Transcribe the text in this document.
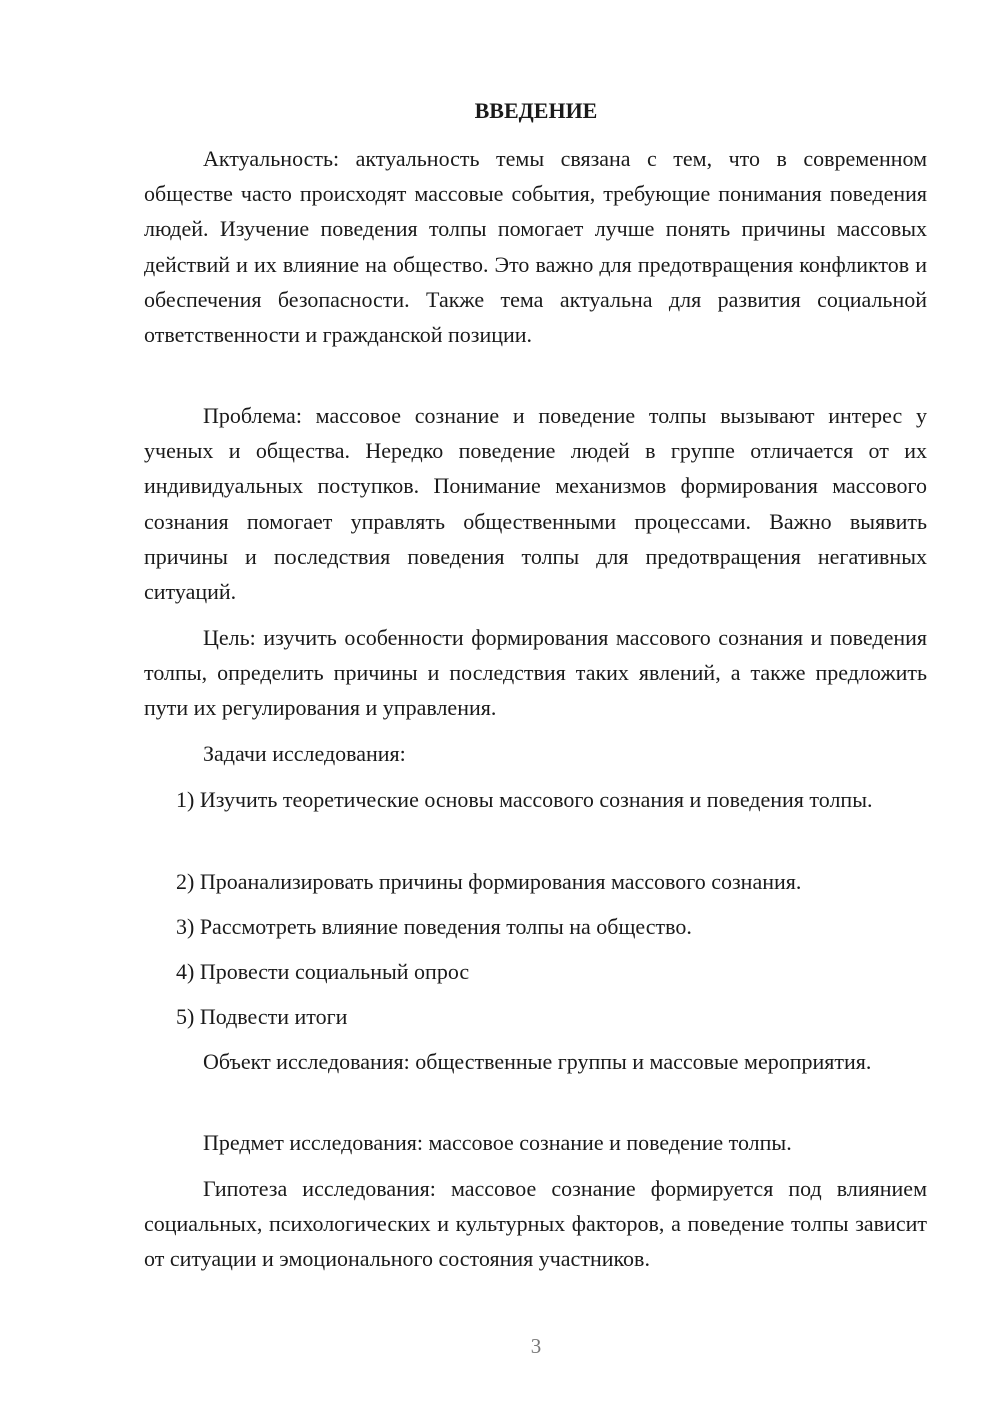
ВВЕДЕНИЕ
Актуальность: актуальность темы связана с тем, что в современном обществе часто происходят массовые события, требующие понимания поведения людей. Изучение поведения толпы помогает лучше понять причины массовых действий и их влияние на общество. Это важно для предотвращения конфликтов и обеспечения безопасности. Также тема актуальна для развития социальной ответственности и гражданской позиции.
Проблема: массовое сознание и поведение толпы вызывают интерес у ученых и общества. Нередко поведение людей в группе отличается от их индивидуальных поступков. Понимание механизмов формирования массового сознания помогает управлять общественными процессами. Важно выявить причины и последствия поведения толпы для предотвращения негативных ситуаций.
Цель: изучить особенности формирования массового сознания и поведения толпы, определить причины и последствия таких явлений, а также предложить пути их регулирования и управления.
Задачи исследования:
1) Изучить теоретические основы массового сознания и поведения толпы.
2) Проанализировать причины формирования массового сознания.
3) Рассмотреть влияние поведения толпы на общество.
4) Провести социальный опрос
5) Подвести итоги
Объект исследования: общественные группы и массовые мероприятия.
Предмет исследования: массовое сознание и поведение толпы.
Гипотеза исследования: массовое сознание формируется под влиянием социальных, психологических и культурных факторов, а поведение толпы зависит от ситуации и эмоционального состояния участников.
3
